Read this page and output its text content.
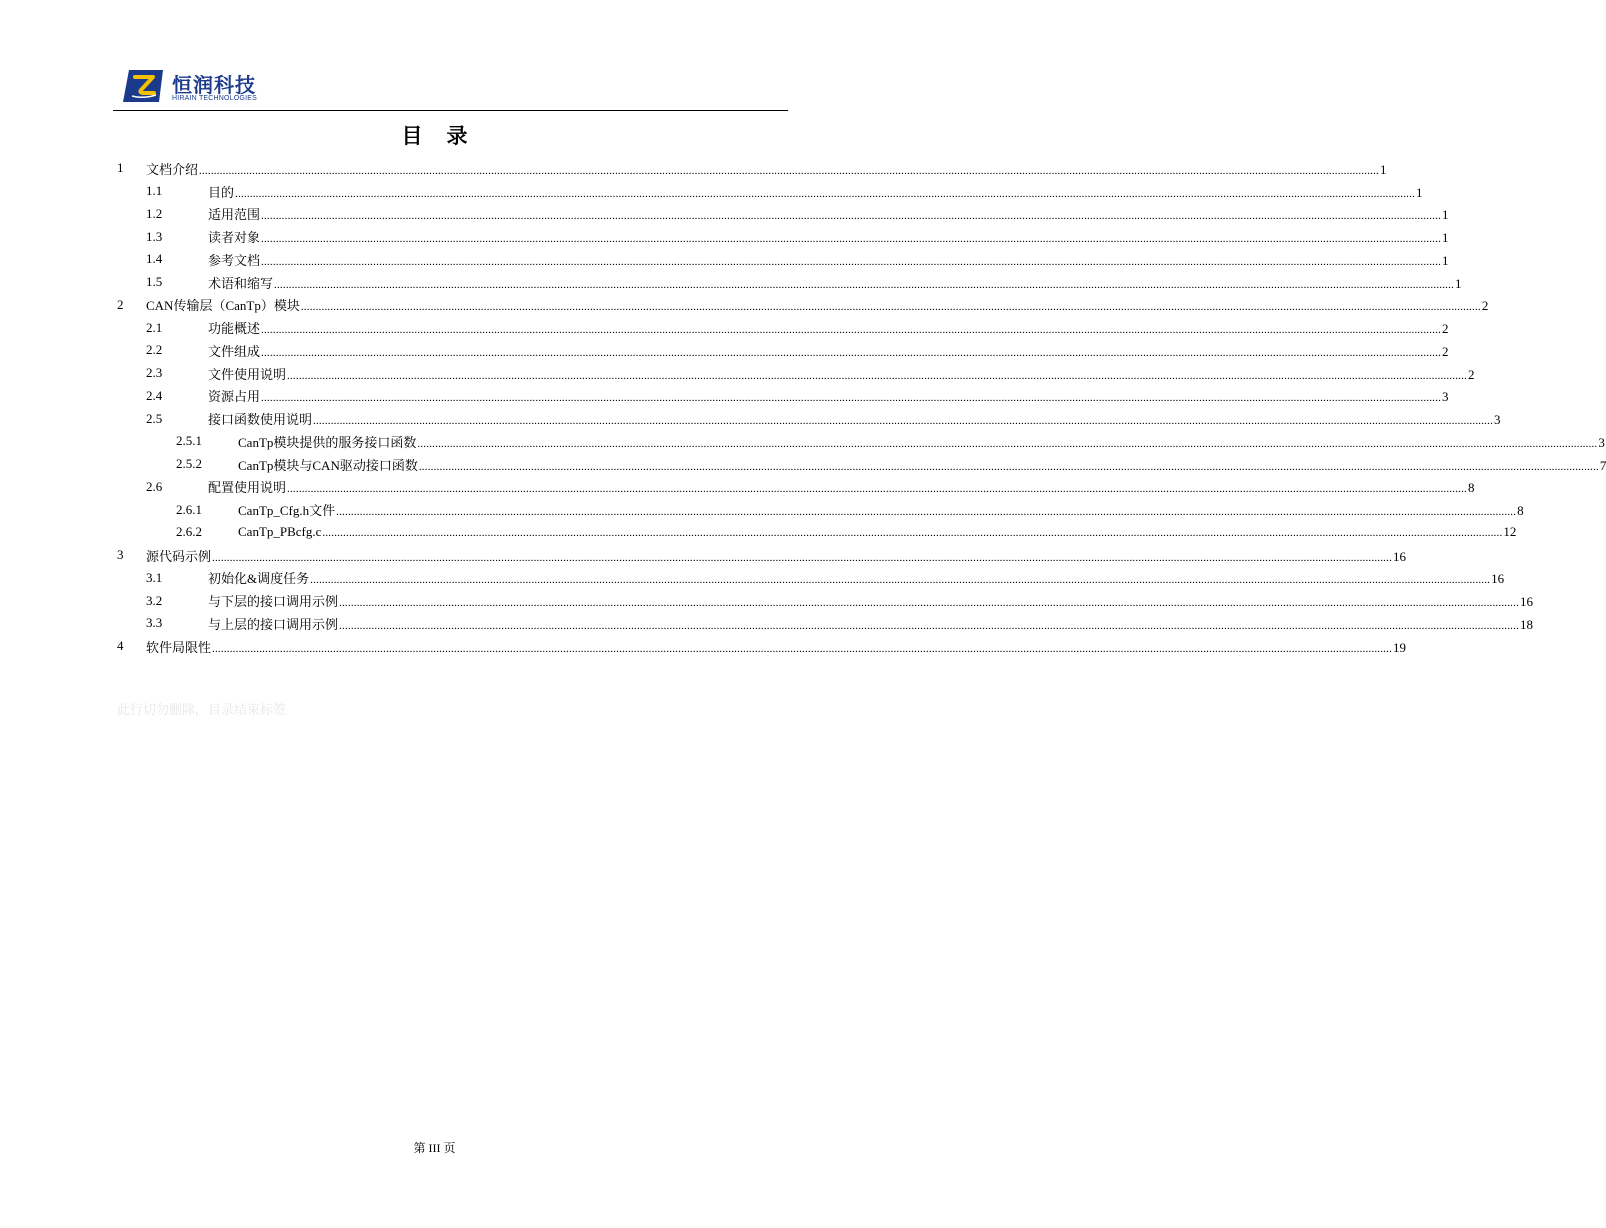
恒润科技
HIRAIN TECHNOLOGIES
目 录
1 文档介绍 ................................................................................................................................................................................................................................................................................................................................................................................................................ 1
1.1	目的 ................................................................................................................................................................................................................................................................................................................................................................................................................ 1
1.2	适用范围 ................................................................................................................................................................................................................................................................................................................................................................................................................ 1
1.3	读者对象 ................................................................................................................................................................................................................................................................................................................................................................................................................ 1
1.4	参考文档 ................................................................................................................................................................................................................................................................................................................................................................................................................ 1
1.5	术语和缩写 ................................................................................................................................................................................................................................................................................................................................................................................................................ 1
2 CAN传输层（CanTp）模块 ................................................................................................................................................................................................................................................................................................................................................................................................................ 2
2.1	功能概述 ................................................................................................................................................................................................................................................................................................................................................................................................................ 2
2.2	文件组成 ................................................................................................................................................................................................................................................................................................................................................................................................................ 2
2.3	文件使用说明 ................................................................................................................................................................................................................................................................................................................................................................................................................ 2
2.4	资源占用 ................................................................................................................................................................................................................................................................................................................................................................................................................ 3
2.5	接口函数使用说明 ................................................................................................................................................................................................................................................................................................................................................................................................................ 3
2.5.1	CanTp模块提供的服务接口函数 ................................................................................................................................................................................................................................................................................................................................................................................................................ 3
2.5.2	CanTp模块与CAN驱动接口函数 ................................................................................................................................................................................................................................................................................................................................................................................................................ 7
2.6	配置使用说明 ................................................................................................................................................................................................................................................................................................................................................................................................................ 8
2.6.1	CanTp_Cfg.h文件 ................................................................................................................................................................................................................................................................................................................................................................................................................ 8
2.6.2	CanTp_PBcfg.c ................................................................................................................................................................................................................................................................................................................................................................................................................ 12
3 源代码示例 ................................................................................................................................................................................................................................................................................................................................................................................................................ 16
3.1	初始化&调度任务 ................................................................................................................................................................................................................................................................................................................................................................................................................ 16
3.2	与下层的接口调用示例 ................................................................................................................................................................................................................................................................................................................................................................................................................ 16
3.3	与上层的接口调用示例 ................................................................................................................................................................................................................................................................................................................................................................................................................ 18
4 软件局限性 ................................................................................................................................................................................................................................................................................................................................................................................................................ 19
此行切勿删除，目录结束标签
第 III 页
